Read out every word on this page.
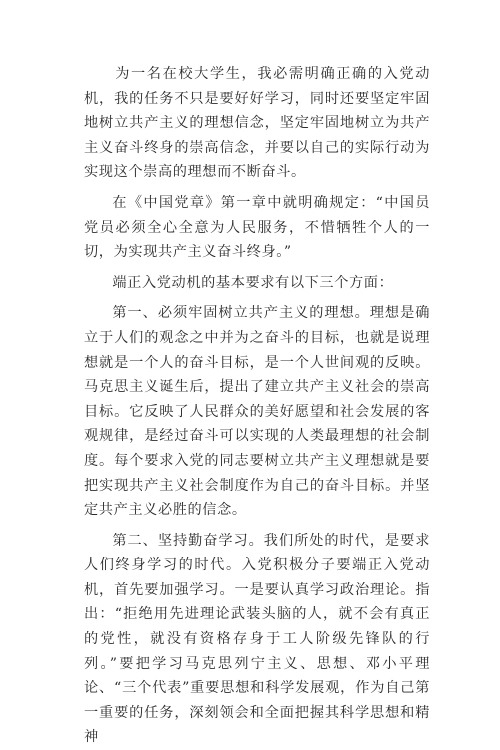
为一名在校大学生，我必需明确正确的入党动机，我的任务不只是要好好学习，同时还要坚定牢固地树立共产主义的理想信念，坚定牢固地树立为共产主义奋斗终身的崇高信念，并要以自己的实际行动为实现这个崇高的理想而不断奋斗。

在《中国党章》第一章中就明确规定：“中国员党员必须全心全意为人民服务，不惜牺牲个人的一切，为实现共产主义奋斗终身。”

端正入党动机的基本要求有以下三个方面：

第一、必须牢固树立共产主义的理想。理想是确立于人们的观念之中并为之奋斗的目标，也就是说理想就是一个人的奋斗目标，是一个人世间观的反映。马克思主义诞生后，提出了建立共产主义社会的崇高目标。它反映了人民群众的美好愿望和社会发展的客观规律，是经过奋斗可以实现的人类最理想的社会制度。每个要求入党的同志要树立共产主义理想就是要把实现共产主义社会制度作为自己的奋斗目标。并坚定共产主义必胜的信念。

第二、坚持勤奋学习。我们所处的时代，是要求人们终身学习的时代。入党积极分子要端正入党动机，首先要加强学习。一是要认真学习政治理论。指出：“拒绝用先进理论武装头脑的人，就不会有真正的党性，就没有资格存身于工人阶级先锋队的行列。”要把学习马克思列宁主义、思想、邓小平理论、“三个代表”重要思想和科学发展观，作为自己第一重要的任务，深刻领会和全面把握其科学思想和精神
